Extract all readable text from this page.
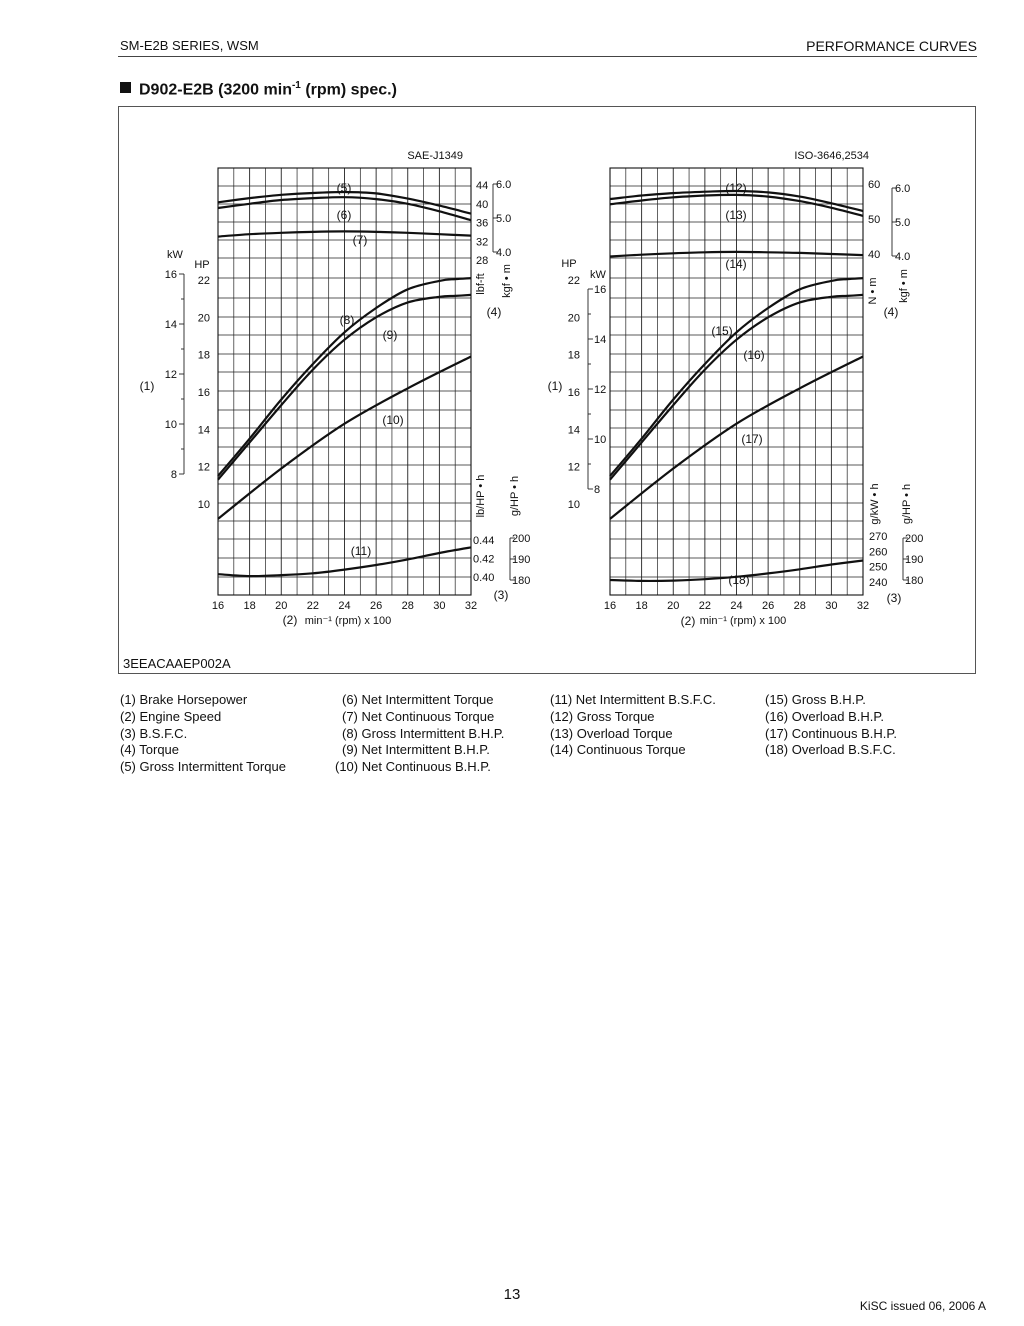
SM-E2B SERIES, WSM	PERFORMANCE CURVES
D902-E2B (3200 $\min^{-1} (rpm)$ spec.)
16 18 20 22 24 26 28 30 32
SAE-J1349
HP
22
20
18
16
14
12
10
kW
16
14
12
10
8
(1)
44
40
36
32
28
6.0
5.0
4.0
lbf-ft kgf • m
(4)
0.44
0.42
0.40
200
190
180
lb/HP • h g/HP • h
(3)
(2) min⁻¹ (rpm) x 100
(5)
(6)
(7)
(8)
(9)
(10)
(11)
16 18 20 22 24 26 28 30 32
ISO-3646,2534
HP
22
20
18
16
14
12
10
kW
16
14
12
10
8
(1)
60
50
40
6.0
5.0
4.0
N • m kgf • m
(4)
270
260
250
240
200
190
180
g/kW • h g/HP • h
(3)
(2) min⁻¹ (rpm) x 100
(12)
(13)
(14)
(15)
(16)
(17)
(18)
3EEACAAEP002A
(1) Brake Horsepower
(2) Engine Speed
(3) B.S.F.C.
(4) Torque
(5) Gross Intermittent Torque
(6) Net Intermittent Torque
(7) Net Continuous Torque
(8) Gross Intermittent B.H.P.
(9) Net Intermittent B.H.P.
(10) Net Continuous B.H.P.
(11) Net Intermittent B.S.F.C.
(12) Gross Torque
(13) Overload Torque
(14) Continuous Torque
(15) Gross B.H.P.
(16) Overload B.H.P.
(17) Continuous B.H.P.
(18) Overload B.S.F.C.
KiSC issued 06, 2006 A
13
